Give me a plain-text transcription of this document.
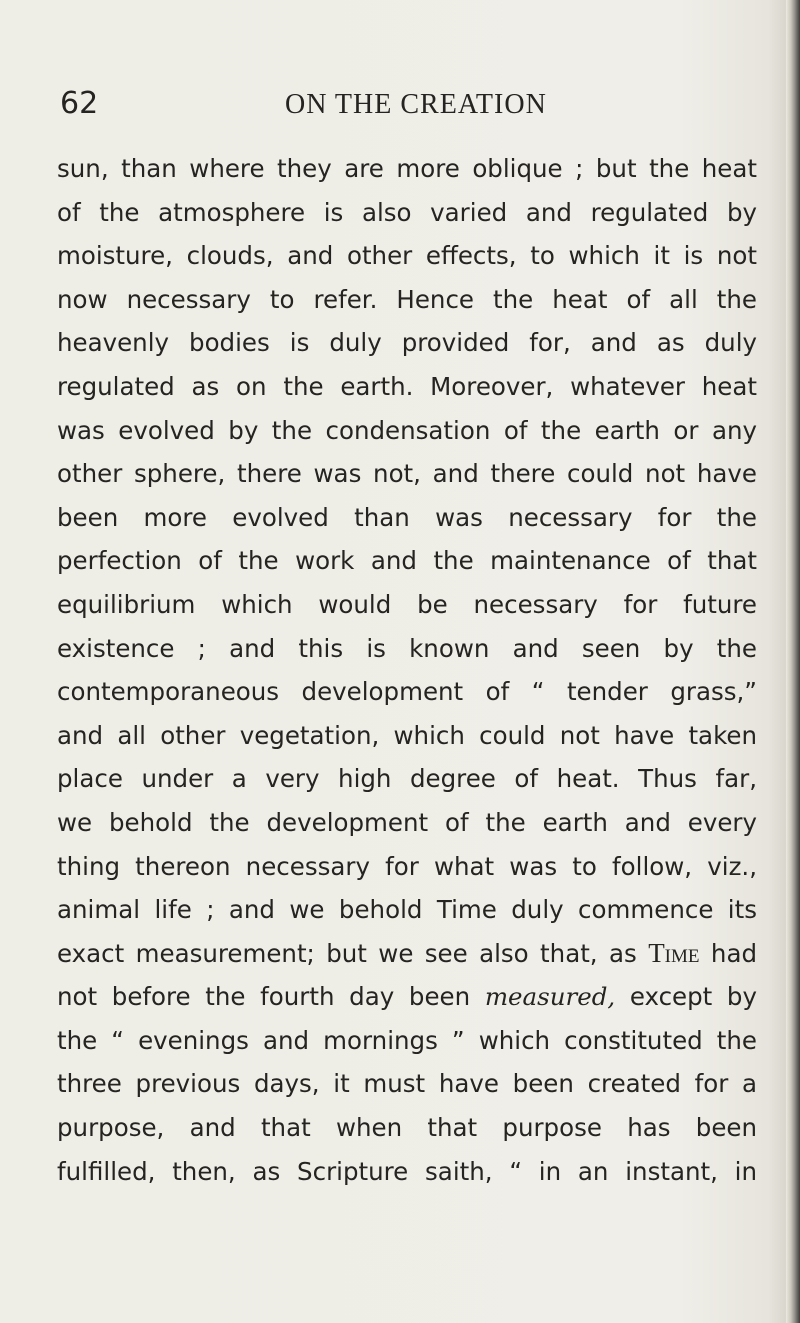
62	ON THE CREATION
sun, than where they are more oblique ; but the heat
of the atmosphere is also varied and regulated by
moisture, clouds, and other effects, to which it is not
now necessary to refer. Hence the heat of all the
heavenly bodies is duly provided for, and as duly
regulated as on the earth. Moreover, whatever heat
was evolved by the condensation of the earth or any
other sphere, there was not, and there could not have
been more evolved than was necessary for the
perfection of the work and the maintenance of that
equilibrium which would be necessary for future
existence ; and this is known and seen by the
contemporaneous development of “ tender grass,”
and all other vegetation, which could not have taken
place under a very high degree of heat. Thus far,
we behold the development of the earth and every
thing thereon necessary for what was to follow, viz.,
animal life ; and we behold Time duly commence its
exact measurement; but we see also that, as Time had
not before the fourth day been measured, except by
the “ evenings and mornings ” which constituted the
three previous days, it must have been created for a
purpose, and that when that purpose has been
fulfilled, then, as Scripture saith, “ in an instant, in
